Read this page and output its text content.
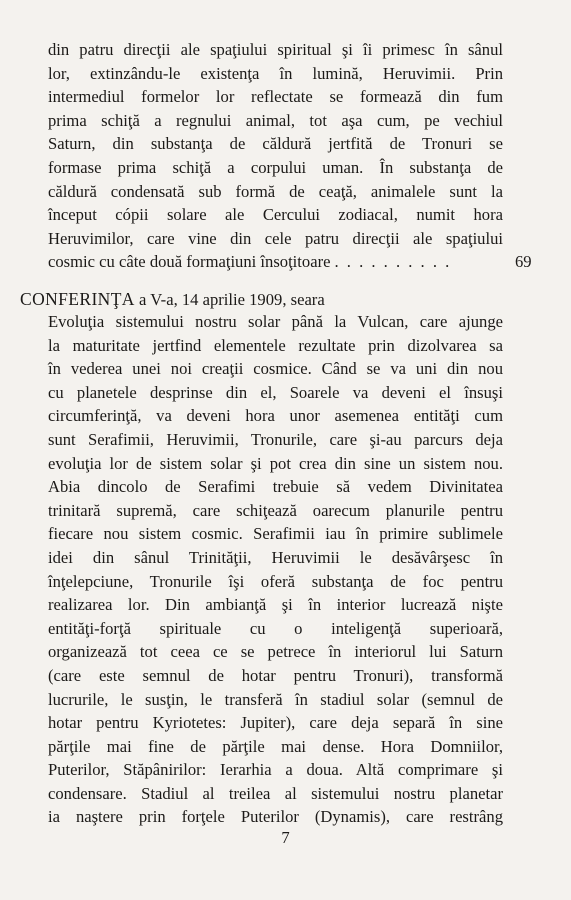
din patru direcţii ale spaţiului spiritual şi îi primesc în sânul
lor, extinzându-le existenţa în lumină, Heruvimii. Prin
intermediul formelor lor reflectate se formează din fum
prima schiţă a regnului animal, tot aşa cum, pe vechiul
Saturn, din substanţa de căldură jertfită de Tronuri se
formase prima schiţă a corpului uman. În substanţa de
căldură condensată sub formă de ceaţă, animalele sunt la
început cópii solare ale Cercului zodiacal, numit hora
Heruvimilor, care vine din cele patru direcţii ale spaţiului
cosmic cu câte două formaţiuni însoţitoare . . . . . . . . . .	69
CONFERINŢA a V-a, 14 aprilie 1909, seara
Evoluţia sistemului nostru solar până la Vulcan, care ajunge
la maturitate jertfind elementele rezultate prin dizolvarea sa
în vederea unei noi creaţii cosmice. Când se va uni din nou
cu planetele desprinse din el, Soarele va deveni el însuşi
circumferinţă, va deveni hora unor asemenea entităţi cum
sunt Serafimii, Heruvimii, Tronurile, care şi-au parcurs deja
evoluţia lor de sistem solar şi pot crea din sine un sistem nou.
Abia dincolo de Serafimi trebuie să vedem Divinitatea
trinitară supremă, care schiţează oarecum planurile pentru
fiecare nou sistem cosmic. Serafimii iau în primire sublimele
idei din sânul Trinităţii, Heruvimii le desăvârşesc în
înţelepciune, Tronurile îşi oferă substanţa de foc pentru
realizarea lor. Din ambianţă şi în interior lucrează nişte
entităţi-forţă spirituale cu o inteligenţă superioară,
organizează tot ceea ce se petrece în interiorul lui Saturn
(care este semnul de hotar pentru Tronuri), transformă
lucrurile, le susţin, le transferă în stadiul solar (semnul de
hotar pentru Kyriotetes: Jupiter), care deja separă în sine
părţile mai fine de părţile mai dense. Hora Domniilor,
Puterilor, Stăpânirilor: Ierarhia a doua. Altă comprimare şi
condensare. Stadiul al treilea al sistemului nostru planetar
ia naştere prin forţele Puterilor (Dynamis), care restrâng
7
